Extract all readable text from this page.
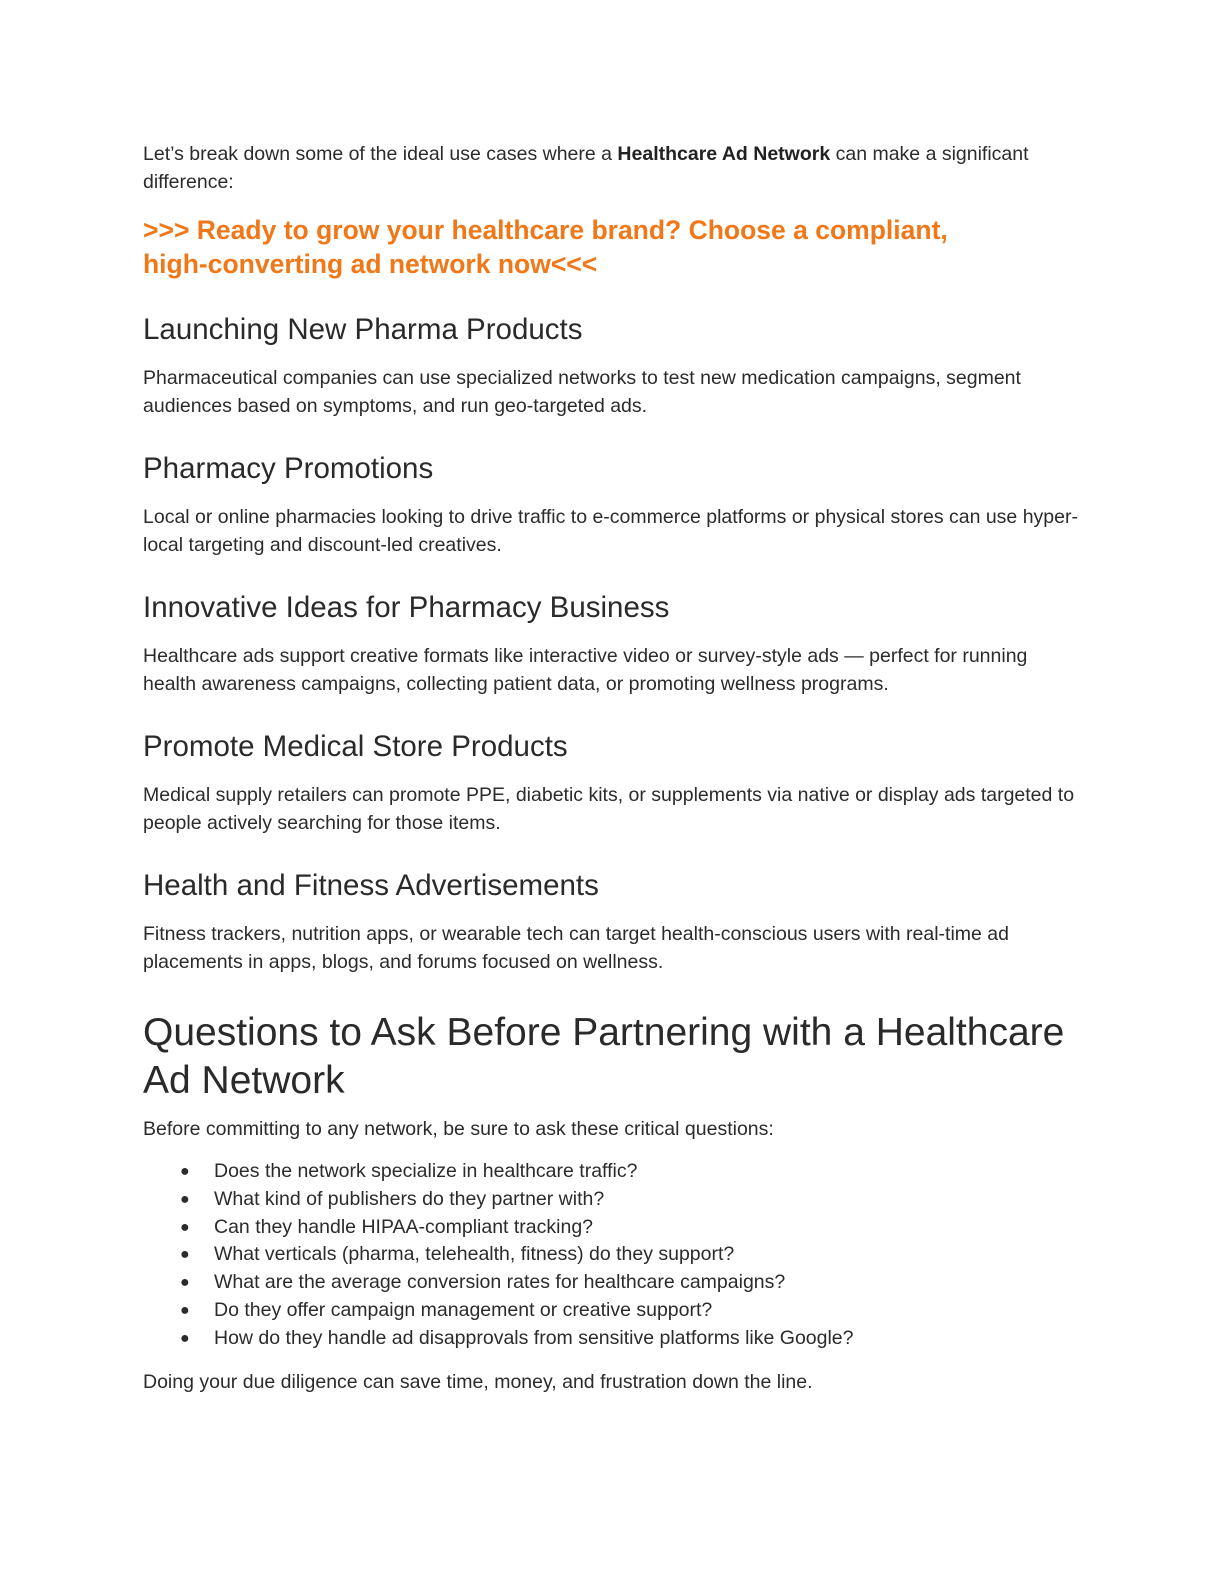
Let’s break down some of the ideal use cases where a Healthcare Ad Network can make a significant difference:

>>> Ready to grow your healthcare brand? Choose a compliant,
high-converting ad network now<<<
Launching New Pharma Products

Pharmaceutical companies can use specialized networks to test new medication campaigns, segment audiences based on symptoms, and run geo-targeted ads.

Pharmacy Promotions

Local or online pharmacies looking to drive traffic to e-commerce platforms or physical stores can use hyper-local targeting and discount-led creatives.

Innovative Ideas for Pharmacy Business

Healthcare ads support creative formats like interactive video or survey-style ads — perfect for running health awareness campaigns, collecting patient data, or promoting wellness programs.

Promote Medical Store Products

Medical supply retailers can promote PPE, diabetic kits, or supplements via native or display ads targeted to people actively searching for those items.

Health and Fitness Advertisements

Fitness trackers, nutrition apps, or wearable tech can target health-conscious users with real-time ad placements in apps, blogs, and forums focused on wellness.

Questions to Ask Before Partnering with a Healthcare Ad Network

Before committing to any network, be sure to ask these critical questions:

● Does the network specialize in healthcare traffic?
● What kind of publishers do they partner with?
● Can they handle HIPAA-compliant tracking?
● What verticals (pharma, telehealth, fitness) do they support?
● What are the average conversion rates for healthcare campaigns?
● Do they offer campaign management or creative support?
● How do they handle ad disapprovals from sensitive platforms like Google?

Doing your due diligence can save time, money, and frustration down the line.
